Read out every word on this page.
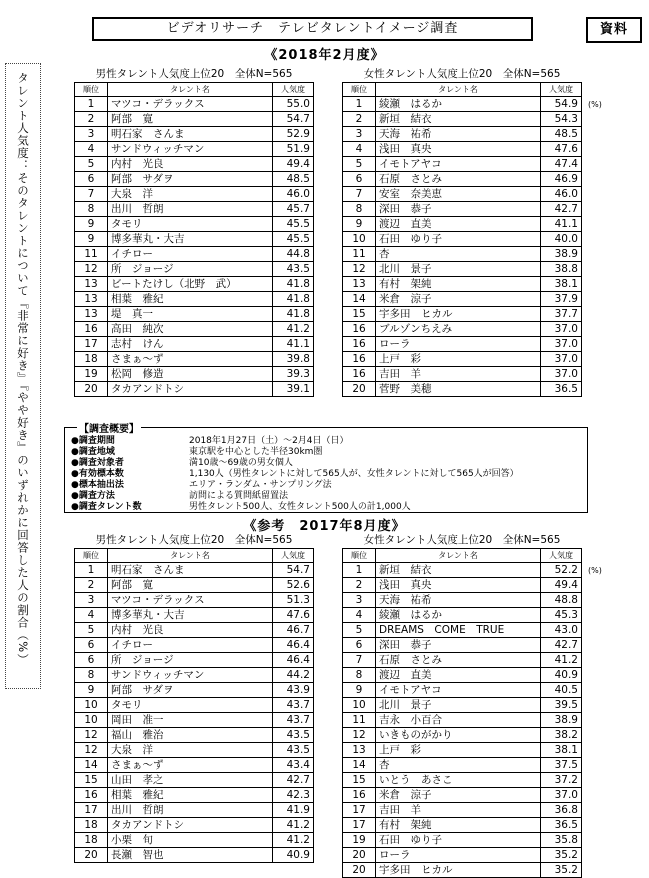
ビデオリサーチ　テレビタレントイメージ調査	資料
《2018年2月度》
タレント人気度：そのタレントについて『非常に好き』『やや好き』のいずれかに回答した人の割合（%）	男性タレント人気度上位20　全体N=565		
順位	タレント名	人気度
1	マツコ・デラックス	55.0
2	阿部　寛	54.7
3	明石家　さんま	52.9
4	サンドウィッチマン	51.9
5	内村　光良	49.4
6	阿部　サダヲ	48.5
7	大泉　洋	46.0
8	出川　哲朗	45.7
9	タモリ	45.5
9	博多華丸・大吉	45.5
11	イチロー	44.8
12	所　ジョージ	43.5
13	ビートたけし（北野　武）	41.8
13	相葉　雅紀	41.8
13	堤　真一	41.8
16	高田　純次	41.2
17	志村　けん	41.1
18	さまぁ～ず	39.8
19	松岡　修造	39.3
20	タカアンドトシ	39.1
女性タレント人気度上位20　全体N=565		
順位	タレント名	人気度
1	綾瀬　はるか	54.9
2	新垣　結衣	54.3
3	天海　祐希	48.5
4	浅田　真央	47.6
5	イモトアヤコ	47.4
6	石原　さとみ	46.9
7	安室　奈美恵	46.0
8	深田　恭子	42.7
9	渡辺　直美	41.1
10	石田　ゆり子	40.0
11	杏	38.9
12	北川　景子	38.8
13	有村　架純	38.1
14	米倉　涼子	37.9
15	宇多田　ヒカル	37.7
16	ブルゾンちえみ	37.0
16	ローラ	37.0
16	上戸　彩	37.0
16	吉田　羊	37.0
20	菅野　美穂	36.5
(%)
【調査概要】
●調査期間	2018年1月27日（土）～2月4日（日）
●調査地域	東京駅を中心とした半径30km圏
●調査対象者	満10歳～69歳の男女個人
●有効標本数	1,130人（男性タレントに対して565人が、女性タレントに対して565人が回答）
●標本抽出法	エリア・ランダム・サンプリング法
●調査方法	訪問による質問紙留置法
●調査タレント数	男性タレント500人、女性タレント500人の計1,000人
《参考　2017年8月度》
男性タレント人気度上位20　全体N=565		
順位	タレント名	人気度
1	明石家　さんま	54.7
2	阿部　寛	52.6
3	マツコ・デラックス	51.3
4	博多華丸・大吉	47.6
5	内村　光良	46.7
6	イチロー	46.4
6	所　ジョージ	46.4
8	サンドウィッチマン	44.2
9	阿部　サダヲ	43.9
10	タモリ	43.7
10	岡田　准一	43.7
12	福山　雅治	43.5
12	大泉　洋	43.5
14	さまぁ～ず	43.4
15	山田　孝之	42.7
16	相葉　雅紀	42.3
17	出川　哲朗	41.9
18	タカアンドトシ	41.2
18	小栗　旬	41.2
20	長瀬　智也	40.9
女性タレント人気度上位20　全体N=565		
順位	タレント名	人気度
1	新垣　結衣	52.2
2	浅田　真央	49.4
3	天海　祐希	48.8
4	綾瀬　はるか	45.3
5	DREAMS　COME　TRUE	43.0
6	深田　恭子	42.7
7	石原　さとみ	41.2
8	渡辺　直美	40.9
9	イモトアヤコ	40.5
10	北川　景子	39.5
11	吉永　小百合	38.9
12	いきものがかり	38.2
13	上戸　彩	38.1
14	杏	37.5
15	いとう　あさこ	37.2
16	米倉　涼子	37.0
17	吉田　羊	36.8
17	有村　架純	36.5
19	石田　ゆり子	35.8
20	ローラ	35.2
20	宇多田　ヒカル	35.2
(%)
